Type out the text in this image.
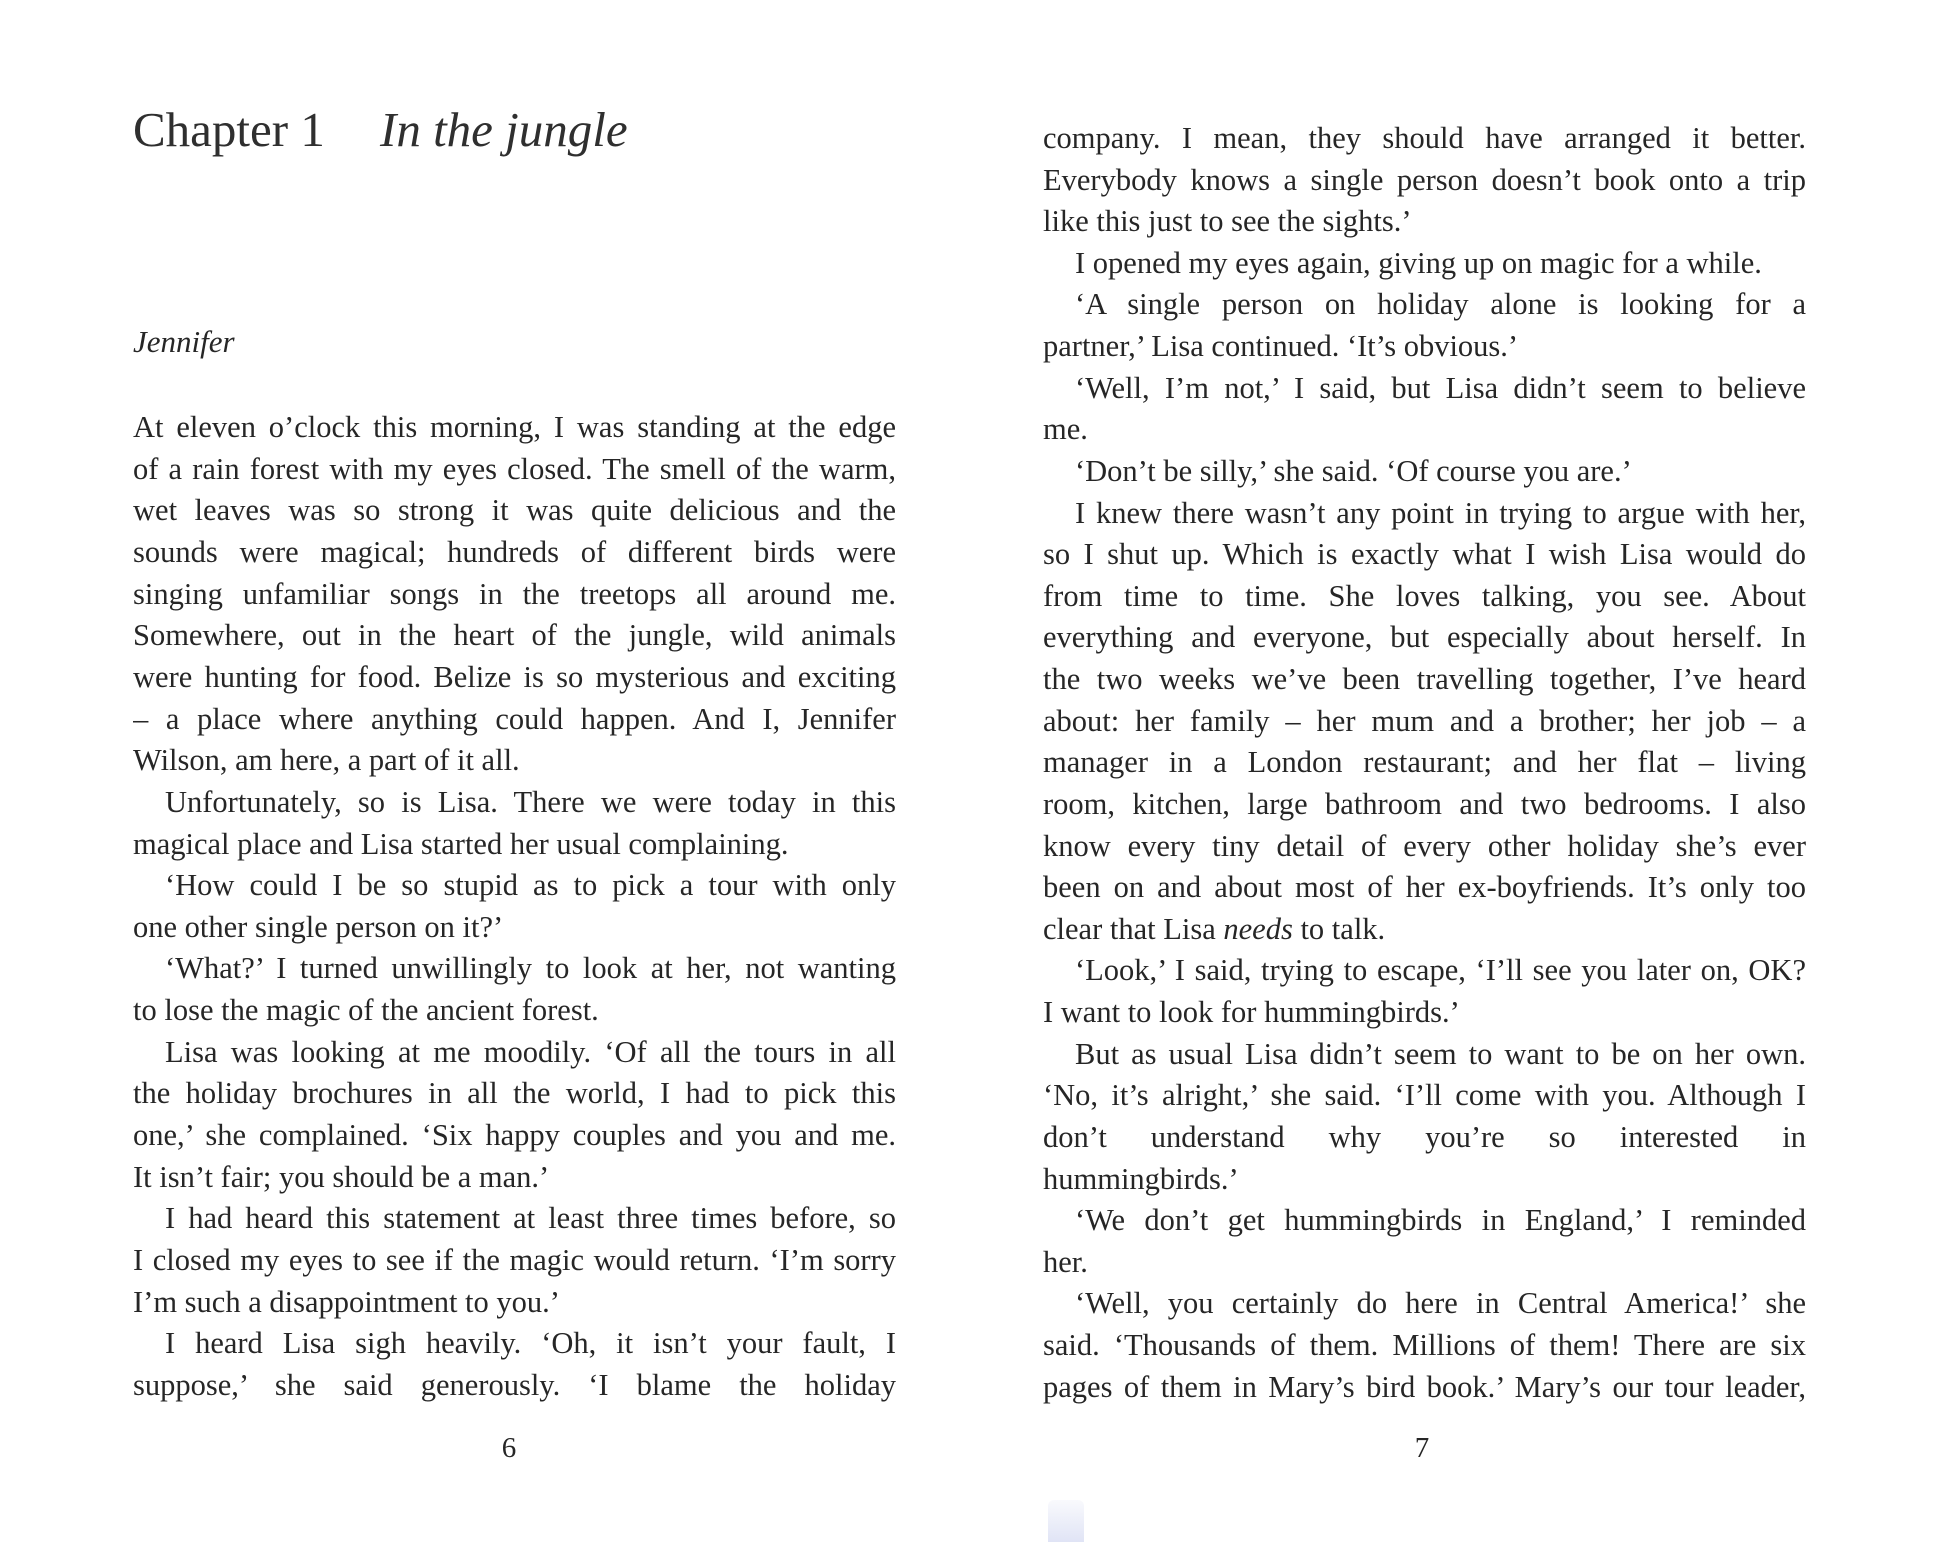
Chapter 1 In the jungle
Jennifer
At eleven o’clock this morning, I was standing at the edge
of a rain forest with my eyes closed. The smell of the warm,
wet leaves was so strong it was quite delicious and the
sounds were magical; hundreds of different birds were
singing unfamiliar songs in the treetops all around me.
Somewhere, out in the heart of the jungle, wild animals
were hunting for food. Belize is so mysterious and exciting
– a place where anything could happen. And I, Jennifer
Wilson, am here, a part of it all.
Unfortunately, so is Lisa. There we were today in this
magical place and Lisa started her usual complaining.
‘How could I be so stupid as to pick a tour with only
one other single person on it?’
‘What?’ I turned unwillingly to look at her, not wanting
to lose the magic of the ancient forest.
Lisa was looking at me moodily. ‘Of all the tours in all
the holiday brochures in all the world, I had to pick this
one,’ she complained. ‘Six happy couples and you and me.
It isn’t fair; you should be a man.’
I had heard this statement at least three times before, so
I closed my eyes to see if the magic would return. ‘I’m sorry
I’m such a disappointment to you.’
I heard Lisa sigh heavily. ‘Oh, it isn’t your fault, I
suppose,’ she said generously. ‘I blame the holiday
6
company. I mean, they should have arranged it better.
Everybody knows a single person doesn’t book onto a trip
like this just to see the sights.’
I opened my eyes again, giving up on magic for a while.
‘A single person on holiday alone is looking for a
partner,’ Lisa continued. ‘It’s obvious.’
‘Well, I’m not,’ I said, but Lisa didn’t seem to believe
me.
‘Don’t be silly,’ she said. ‘Of course you are.’
I knew there wasn’t any point in trying to argue with her,
so I shut up. Which is exactly what I wish Lisa would do
from time to time. She loves talking, you see. About
everything and everyone, but especially about herself. In
the two weeks we’ve been travelling together, I’ve heard
about: her family – her mum and a brother; her job – a
manager in a London restaurant; and her flat – living
room, kitchen, large bathroom and two bedrooms. I also
know every tiny detail of every other holiday she’s ever
been on and about most of her ex-boyfriends. It’s only too
clear that Lisa needs to talk.
‘Look,’ I said, trying to escape, ‘I’ll see you later on, OK?
I want to look for hummingbirds.’
But as usual Lisa didn’t seem to want to be on her own.
‘No, it’s alright,’ she said. ‘I’ll come with you. Although I
don’t understand why you’re so interested in
hummingbirds.’
‘We don’t get hummingbirds in England,’ I reminded
her.
‘Well, you certainly do here in Central America!’ she
said. ‘Thousands of them. Millions of them! There are six
pages of them in Mary’s bird book.’ Mary’s our tour leader,
7
